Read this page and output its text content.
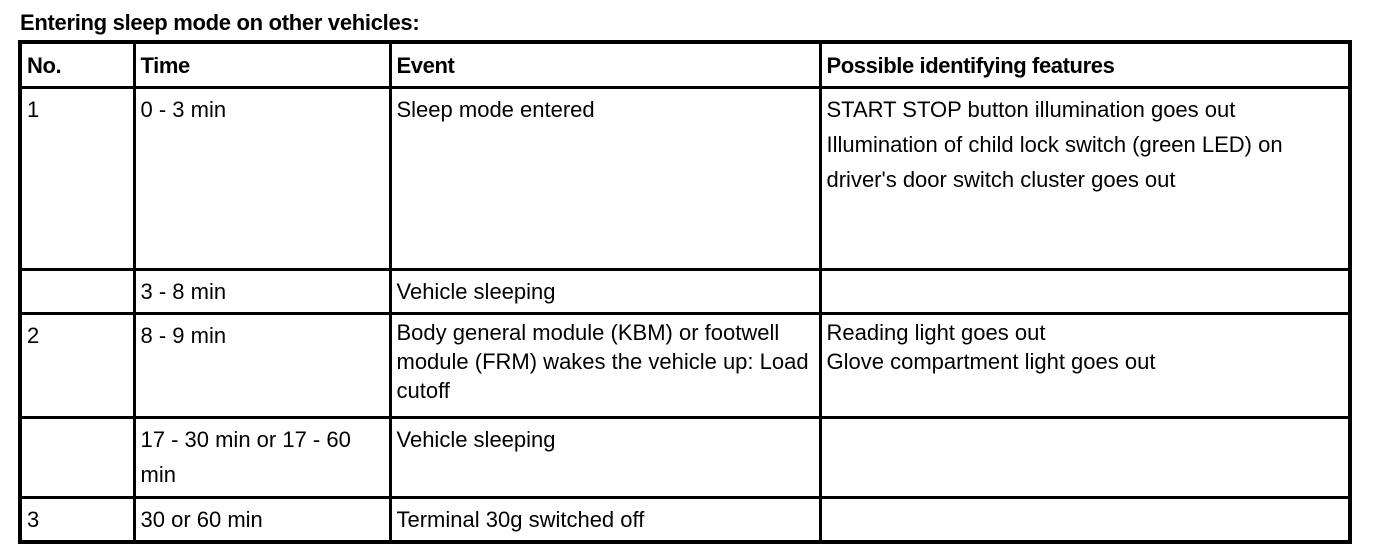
Entering sleep mode on other vehicles:
No.	Time	Event	Possible identifying features
1	0 - 3 min	Sleep mode entered	START STOP button illumination goes out
Illumination of child lock switch (green LED) on driver's door switch cluster goes out

	3 - 8 min	Vehicle sleeping	
2	8 - 9 min	Body general module (KBM) or footwell module (FRM) wakes the vehicle up: Load cutoff	Reading light goes out
Glove compartment light goes out

	17 - 30 min or 17 - 60 min	Vehicle sleeping	
3	30 or 60 min	Terminal 30g switched off	
